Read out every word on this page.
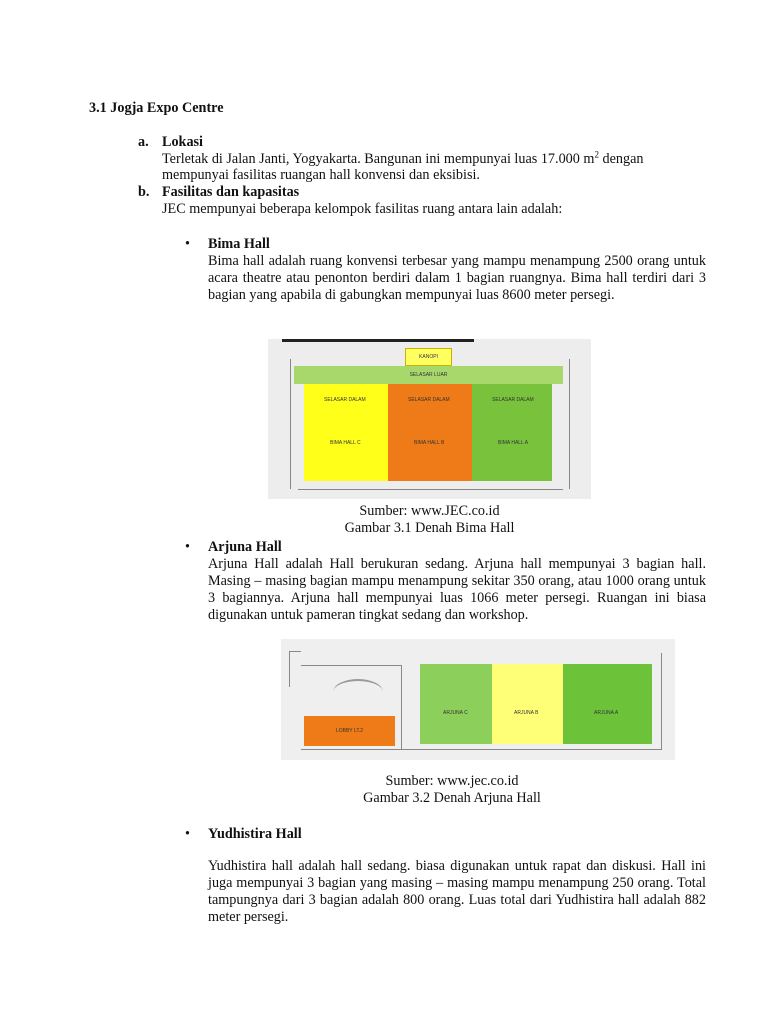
3.1 Jogja Expo Centre
a. Lokasi
Terletak di Jalan Janti, Yogyakarta. Bangunan ini mempunyai luas 17.000 $m^2$ dengan
mempunyai fasilitas ruangan hall konvensi dan eksibisi.
b. Fasilitas dan kapasitas
JEC mempunyai beberapa kelompok fasilitas ruang antara lain adalah:
• Bima Hall
Bima hall adalah ruang konvensi terbesar yang mampu menampung 2500 orang untuk acara theatre atau penonton berdiri dalam 1 bagian ruangnya. Bima hall terdiri dari 3 bagian yang apabila di gabungkan mempunyai luas 8600 meter persegi.
KANOPI
SELASAR LUAR
SELASAR DALAM	SELASAR DALAM	SELASAR DALAM
BIMA HALL C	BIMA HALL B	BIMA HALL A
Sumber: www.JEC.co.id
Gambar 3.1 Denah Bima Hall
• Arjuna Hall
Arjuna Hall adalah Hall berukuran sedang. Arjuna hall mempunyai 3 bagian hall. Masing – masing bagian mampu menampung sekitar 350 orang, atau 1000 orang untuk 3 bagiannya. Arjuna hall mempunyai luas 1066 meter persegi. Ruangan ini biasa digunakan untuk pameran tingkat sedang dan workshop.
LOBBY LT.2
ARJUNA C	ARJUNA B	ARJUNA A
Sumber: www.jec.co.id
Gambar 3.2 Denah Arjuna Hall
• Yudhistira Hall
Yudhistira hall adalah hall sedang. biasa digunakan untuk rapat dan diskusi. Hall ini juga mempunyai 3 bagian yang masing – masing mampu menampung 250 orang. Total tampungnya dari 3 bagian adalah 800 orang. Luas total dari Yudhistira hall adalah 882 meter persegi.
